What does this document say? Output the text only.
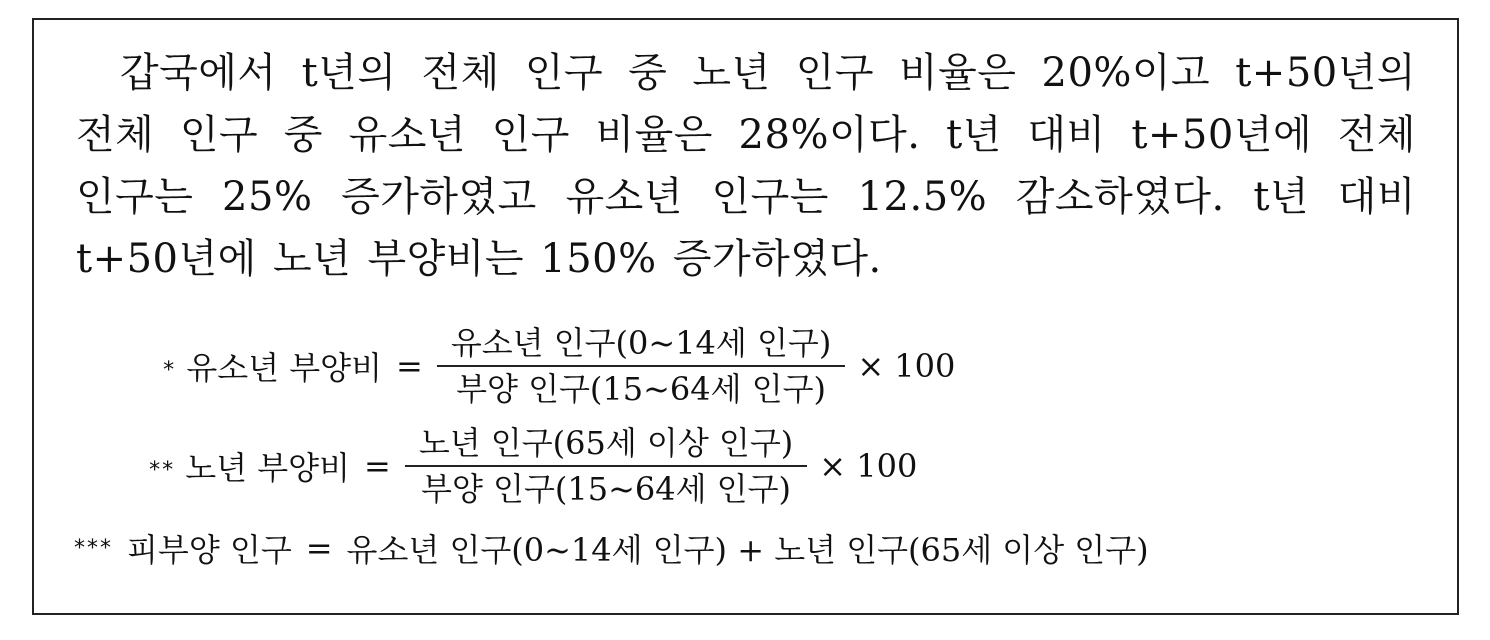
갑국에서 t년의 전체 인구 중 노년 인구 비율은 20%이고 t+50년의
전체 인구 중 유소년 인구 비율은 28%이다. t년 대비 t+50년에 전체
인구는 25% 증가하였고 유소년 인구는 12.5% 감소하였다. t년 대비
t+50년에 노년 부양비는 150% 증가하였다.
* 유소년 부양비 = $\frac{\text{유소년 인구(0\textasciitilde{}14세 인구)}}{\text{부양 인구(15\textasciitilde{}64세 인구)}} \times 100$
** 노년 부양비 = $\frac{\text{노년 인구(65세 이상 인구)}}{\text{부양 인구(15\textasciitilde{}64세 인구)}} \times 100$
*** 피부양 인구 = 유소년 인구(0~14세 인구) + 노년 인구(65세 이상 인구)
